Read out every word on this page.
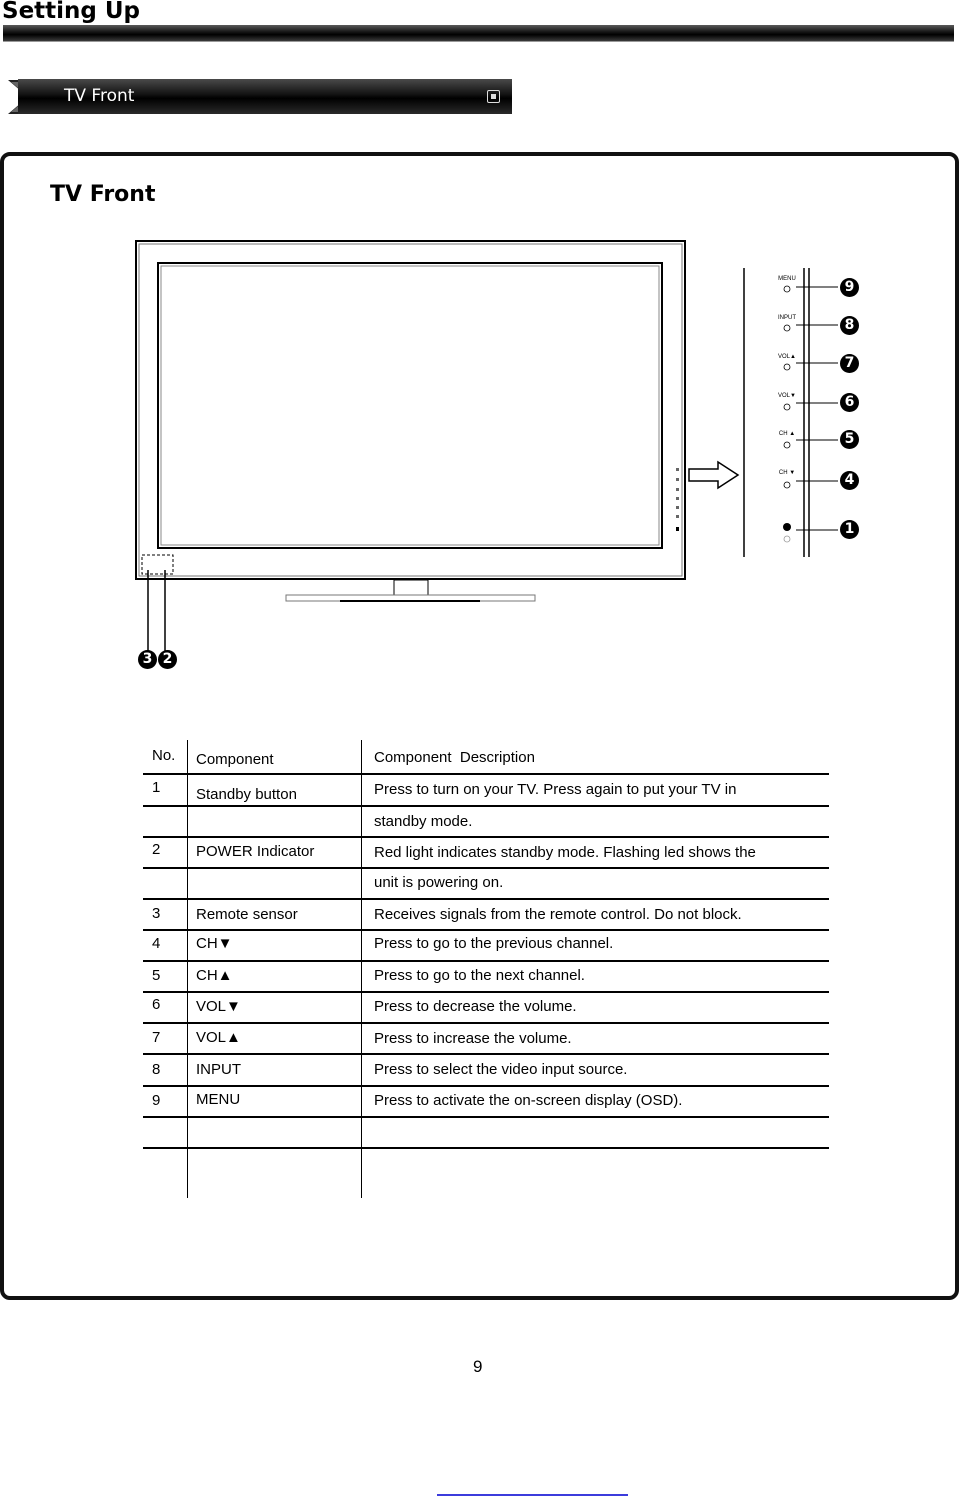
Setting Up
TV Front
TV Front
3 2
MENU
INPUT
VOL▲
VOL▼
CH ▲
CH ▼
9
8
7
6
5
4
1
No. Component	Component  Description
1 Standby button	Press to turn on your TV. Press again to put your TV in
standby mode.
2 POWER Indicator	Red light indicates standby mode. Flashing led shows the
unit is powering on.
3 Remote sensor	Receives signals from the remote control. Do not block.
4 CH▼	Press to go to the previous channel.
5 CH▲	Press to go to the next channel.
6 VOL▼	Press to decrease the volume.
7 VOL▲	Press to increase the volume.
8 INPUT	Press to select the video input source.
9 MENU	Press to activate the on-screen display (OSD).
9
